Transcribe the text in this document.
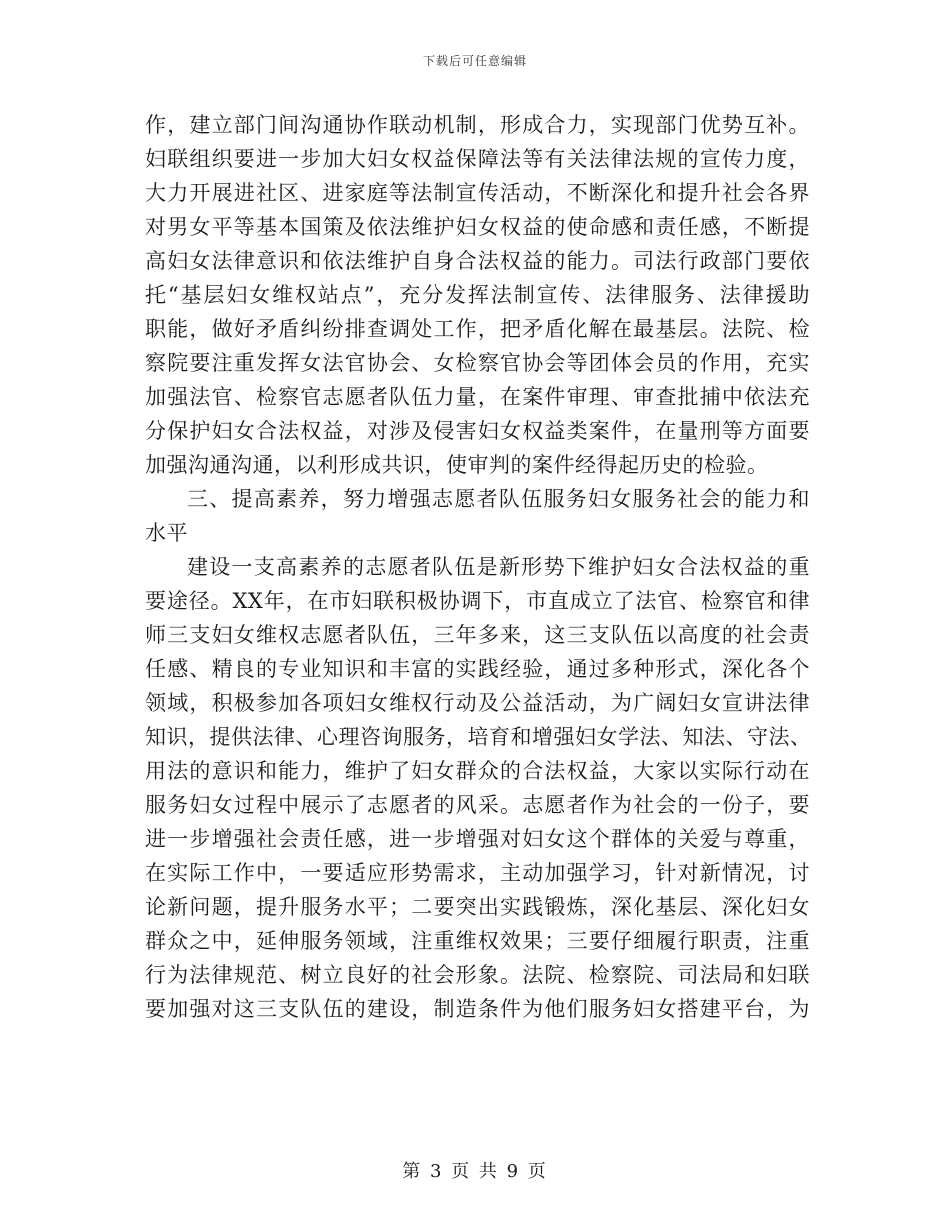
下载后可任意编辑
作，建立部门间沟通协作联动机制，形成合力，实现部门优势互补。
妇联组织要进一步加大妇女权益保障法等有关法律法规的宣传力度，
大力开展进社区、进家庭等法制宣传活动，不断深化和提升社会各界
对男女平等基本国策及依法维护妇女权益的使命感和责任感，不断提
高妇女法律意识和依法维护自身合法权益的能力。司法行政部门要依
托“基层妇女维权站点”，充分发挥法制宣传、法律服务、法律援助
职能，做好矛盾纠纷排查调处工作，把矛盾化解在最基层。法院、检
察院要注重发挥女法官协会、女检察官协会等团体会员的作用，充实
加强法官、检察官志愿者队伍力量，在案件审理、审查批捕中依法充
分保护妇女合法权益，对涉及侵害妇女权益类案件，在量刑等方面要
加强沟通沟通，以利形成共识，使审判的案件经得起历史的检验。
三、提高素养，努力增强志愿者队伍服务妇女服务社会的能力和
水平
建设一支高素养的志愿者队伍是新形势下维护妇女合法权益的重
要途径。XX年，在市妇联积极协调下，市直成立了法官、检察官和律
师三支妇女维权志愿者队伍，三年多来，这三支队伍以高度的社会责
任感、精良的专业知识和丰富的实践经验，通过多种形式，深化各个
领域，积极参加各项妇女维权行动及公益活动，为广阔妇女宣讲法律
知识，提供法律、心理咨询服务，培育和增强妇女学法、知法、守法、
用法的意识和能力，维护了妇女群众的合法权益，大家以实际行动在
服务妇女过程中展示了志愿者的风采。志愿者作为社会的一份子，要
进一步增强社会责任感，进一步增强对妇女这个群体的关爱与尊重，
在实际工作中，一要适应形势需求，主动加强学习，针对新情况，讨
论新问题，提升服务水平；二要突出实践锻炼，深化基层、深化妇女
群众之中，延伸服务领域，注重维权效果；三要仔细履行职责，注重
行为法律规范、树立良好的社会形象。法院、检察院、司法局和妇联
要加强对这三支队伍的建设，制造条件为他们服务妇女搭建平台，为
第 3 页 共 9 页
